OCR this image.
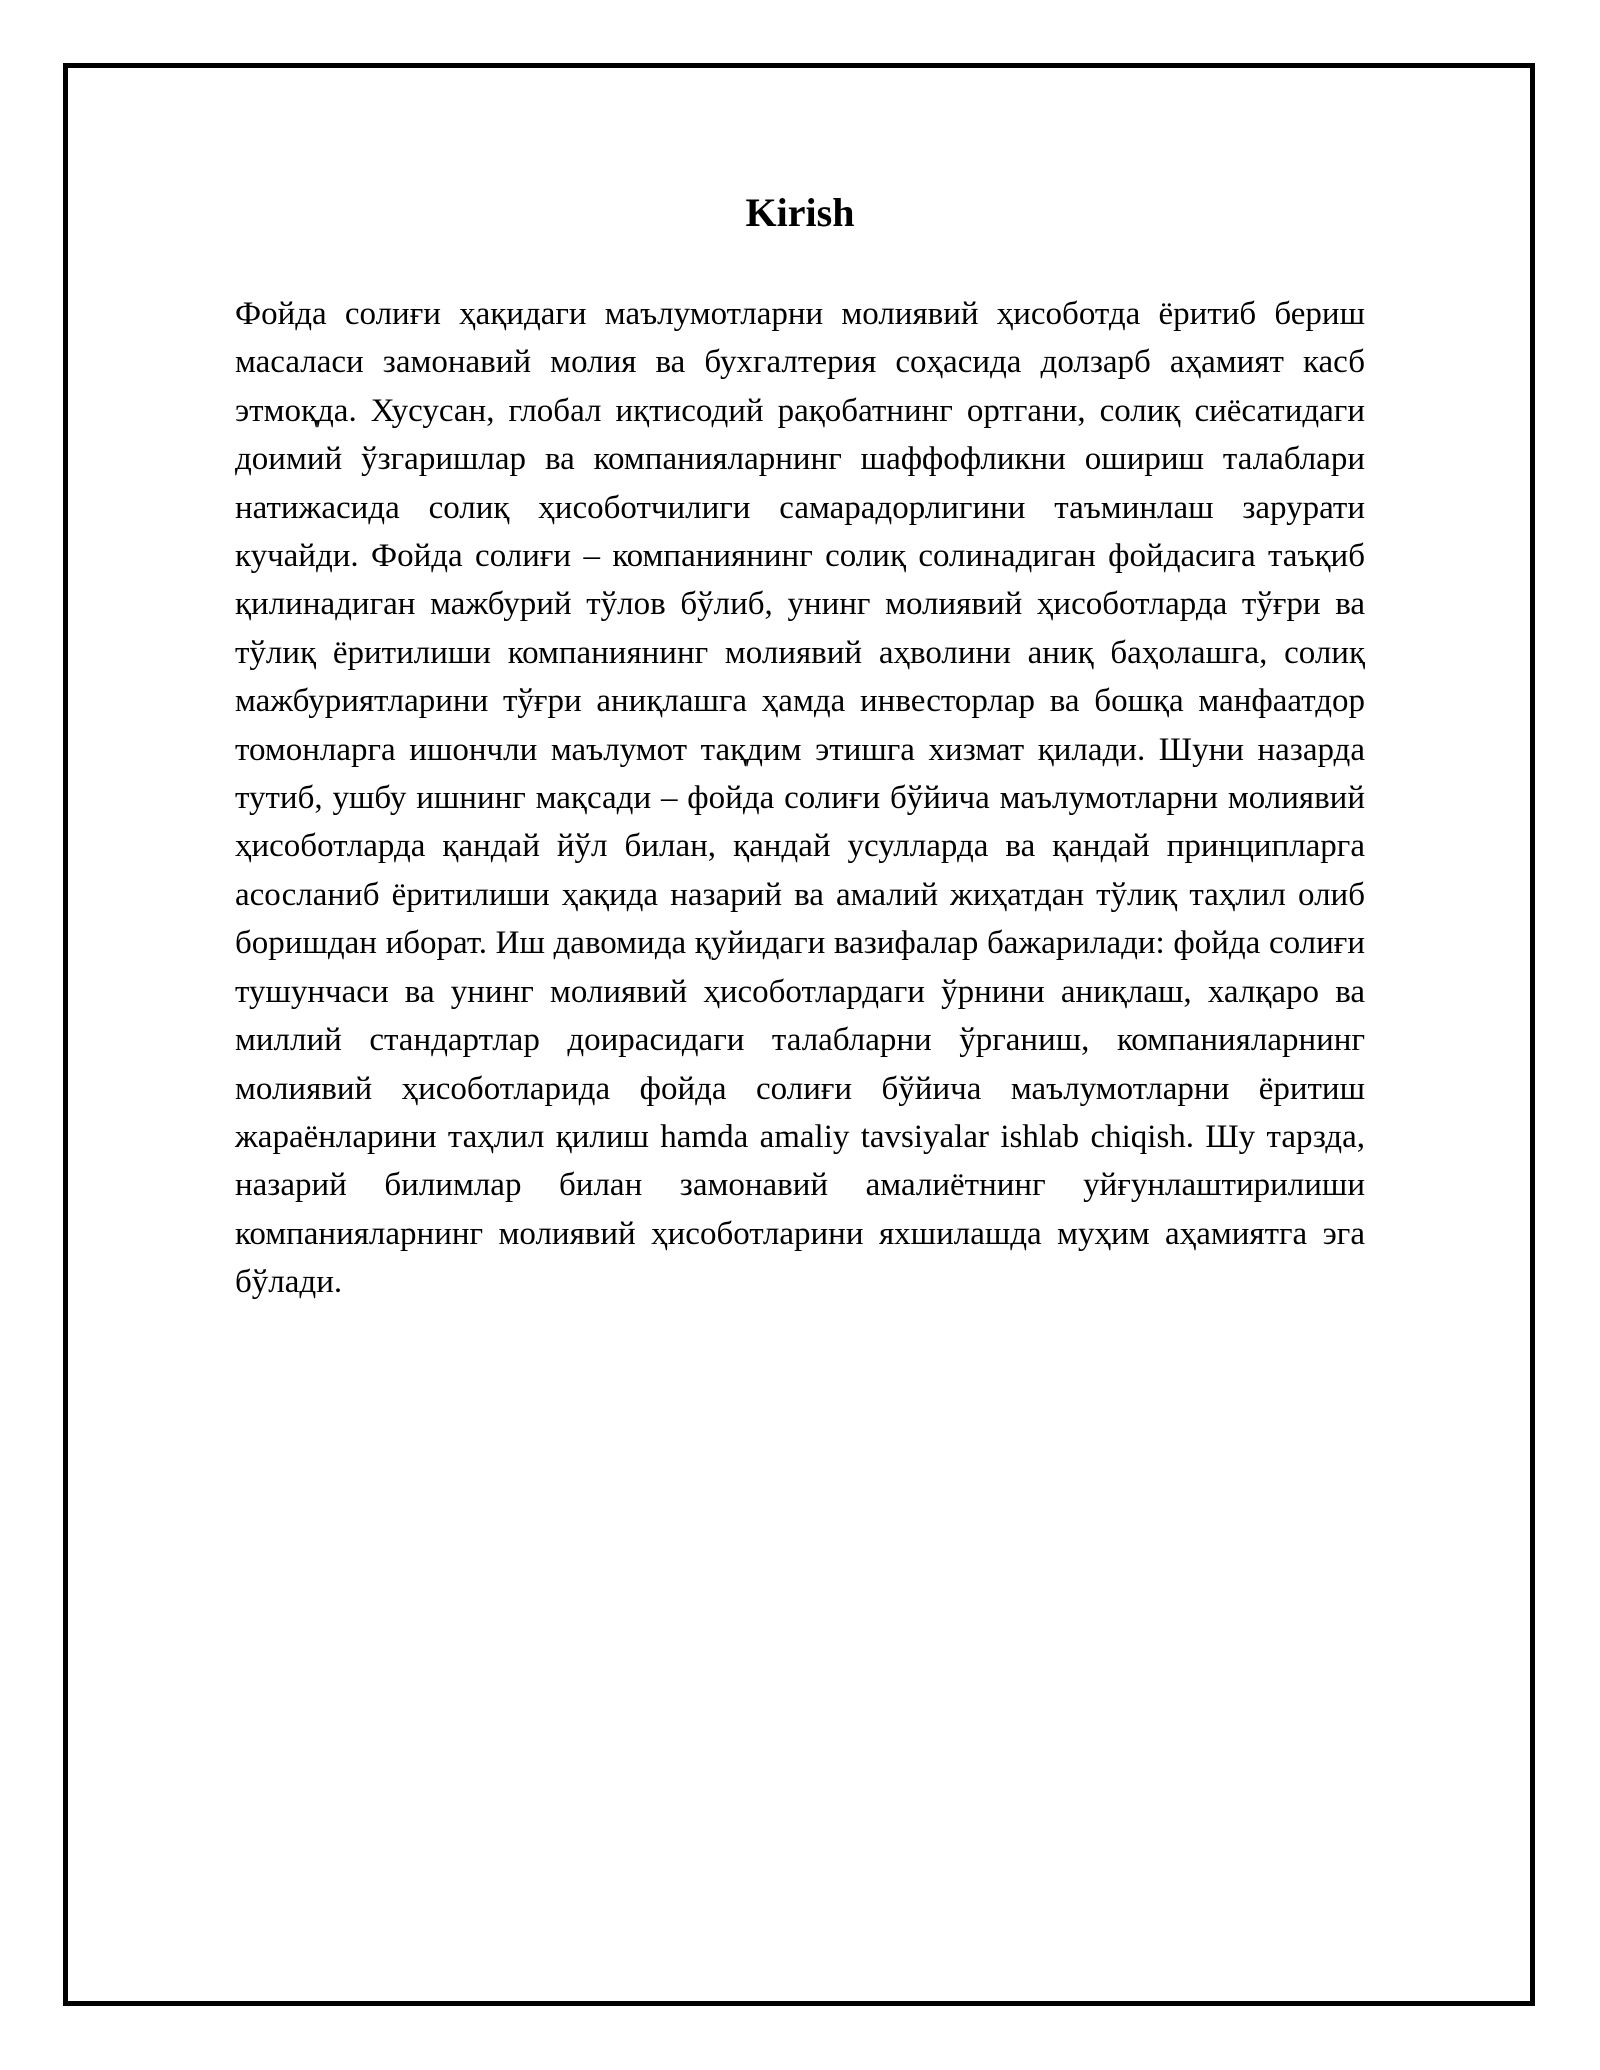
Kirish

Фойда солиғи ҳақидаги маълумотларни молиявий ҳисоботда ёритиб бериш масаласи замонавий молия ва бухгалтерия соҳасида долзарб аҳамият касб этмоқда. Хусусан, глобал иқтисодий рақобатнинг ортгани, солиқ сиёсатидаги доимий ўзгаришлар ва компанияларнинг шаффофликни ошириш талаблари натижасида солиқ ҳисоботчилиги самарадорлигини таъминлаш зарурати кучайди. Фойда солиғи – компаниянинг солиқ солинадиган фойдасига таъқиб қилинадиган мажбурий тўлов бўлиб, унинг молиявий ҳисоботларда тўғри ва тўлиқ ёритилиши компаниянинг молиявий аҳволини аниқ баҳолашга, солиқ мажбуриятларини тўғри аниқлашга ҳамда инвесторлар ва бошқа манфаатдор томонларга ишончли маълумот тақдим этишга хизмат қилади. Шуни назарда тутиб, ушбу ишнинг мақсади – фойда солиғи бўйича маълумотларни молиявий ҳисоботларда қандай йўл билан, қандай усулларда ва қандай принципларга асосланиб ёритилиши ҳақида назарий ва амалий жиҳатдан тўлиқ таҳлил олиб боришдан иборат. Иш давомида қуйидаги вазифалар бажарилади: фойда солиғи тушунчаси ва унинг молиявий ҳисоботлардаги ўрнини аниқлаш, халқаро ва миллий стандартлар доирасидаги талабларни ўрганиш, компанияларнинг молиявий ҳисоботларида фойда солиғи бўйича маълумотларни ёритиш жараёнларини таҳлил қилиш hamda amaliy tavsiyalar ishlab chiqish. Шу тарзда, назарий билимлар билан замонавий амалиётнинг уйғунлаштирилиши компанияларнинг молиявий ҳисоботларини яхшилашда муҳим аҳамиятга эга бўлади.
